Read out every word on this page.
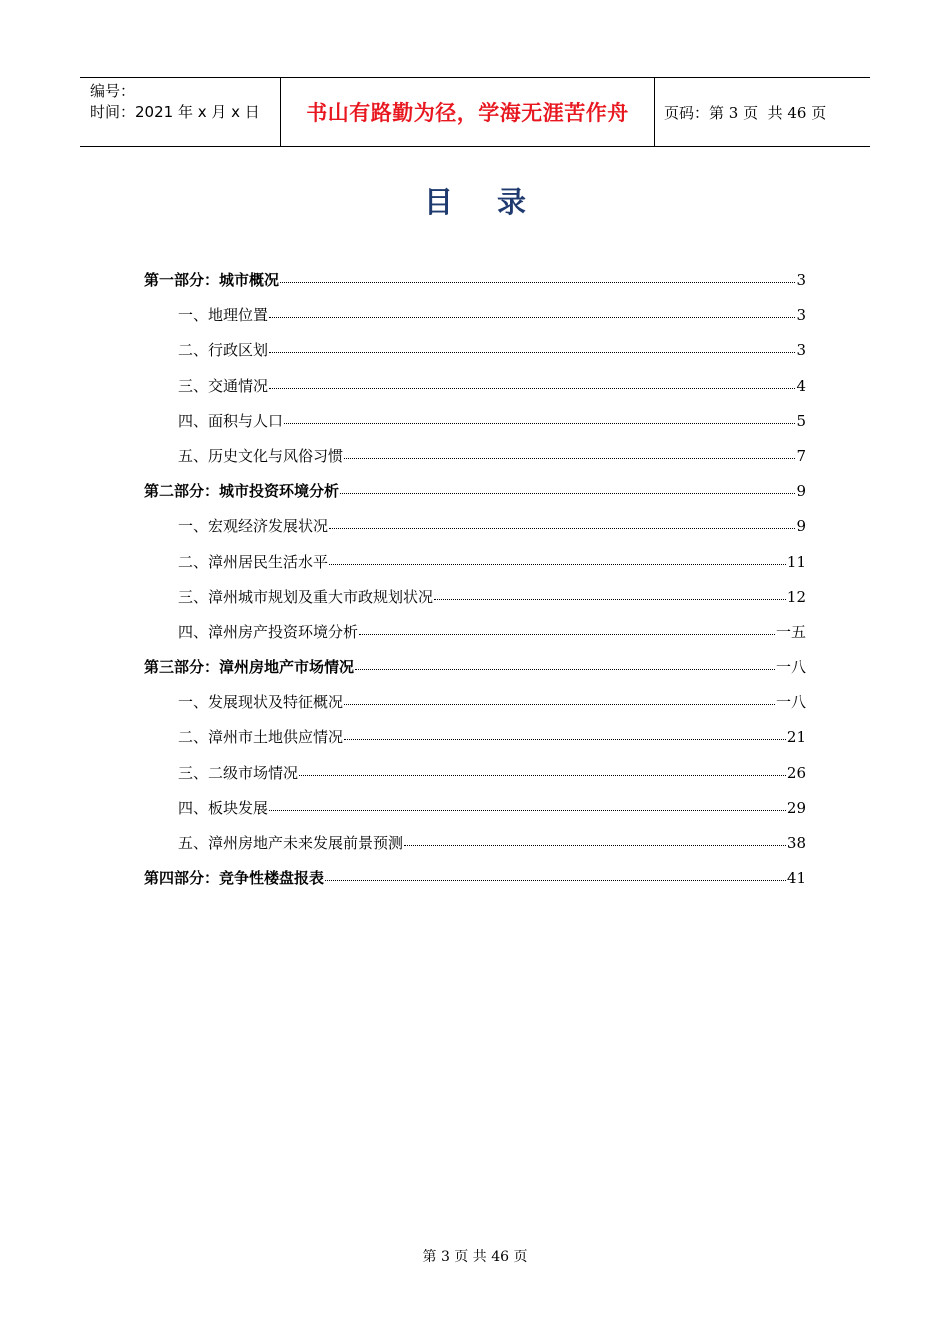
编号：
时间：2021 年 x 月 x 日	书山有路勤为径，学海无涯苦作舟 页码：第 3 页  共 46 页
目录
第一部分：城市概况	3
一、地理位置	3
二、行政区划	3
三、交通情况	4
四、面积与人口	5
五、历史文化与风俗习惯	7
第二部分：城市投资环境分析	9
一、宏观经济发展状况	9
二、漳州居民生活水平	11
三、漳州城市规划及重大市政规划状况	12
四、漳州房产投资环境分析	一五
第三部分：漳州房地产市场情况	一八
一、发展现状及特征概况	一八
二、漳州市土地供应情况	21
三、二级市场情况	26
四、板块发展	29
五、漳州房地产未来发展前景预测	38
第四部分：竞争性楼盘报表	41
第 3 页 共 46 页
